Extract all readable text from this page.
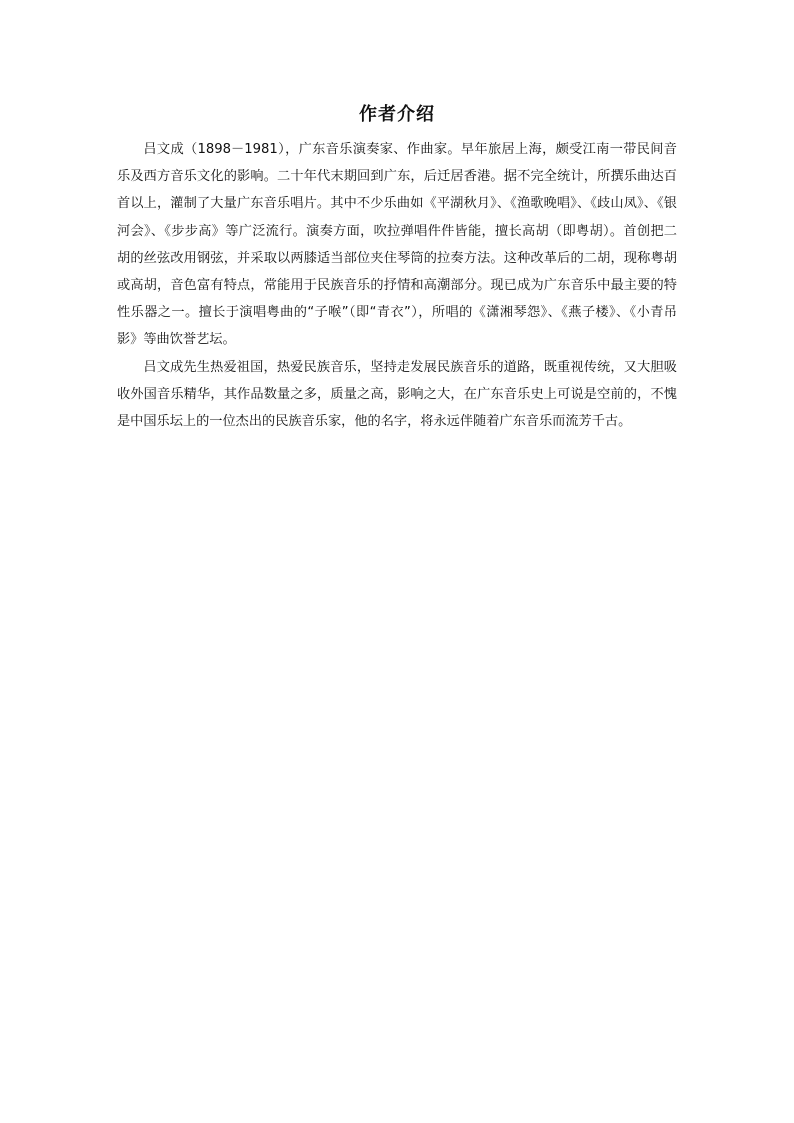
作者介绍

吕文成（1898－1981），广东音乐演奏家、作曲家。早年旅居上海，颇受江南一带民间音乐及西方音乐文化的影响。二十年代末期回到广东，后迁居香港。据不完全统计，所撰乐曲达百首以上，灌制了大量广东音乐唱片。其中不少乐曲如《平湖秋月》、《渔歌晚唱》、《歧山凤》、《银河会》、《步步高》等广泛流行。演奏方面，吹拉弹唱件件皆能，擅长高胡（即粤胡）。首创把二胡的丝弦改用钢弦，并采取以两膝适当部位夹住琴筒的拉奏方法。这种改革后的二胡，现称粤胡或高胡，音色富有特点，常能用于民族音乐的抒情和高潮部分。现已成为广东音乐中最主要的特性乐器之一。擅长于演唱粤曲的“子喉”（即“青衣”），所唱的《潇湘琴怨》、《燕子楼》、《小青吊影》等曲饮誉艺坛。

吕文成先生热爱祖国，热爱民族音乐，坚持走发展民族音乐的道路，既重视传统，又大胆吸收外国音乐精华，其作品数量之多，质量之高，影响之大，在广东音乐史上可说是空前的，不愧是中国乐坛上的一位杰出的民族音乐家，他的名字，将永远伴随着广东音乐而流芳千古。
